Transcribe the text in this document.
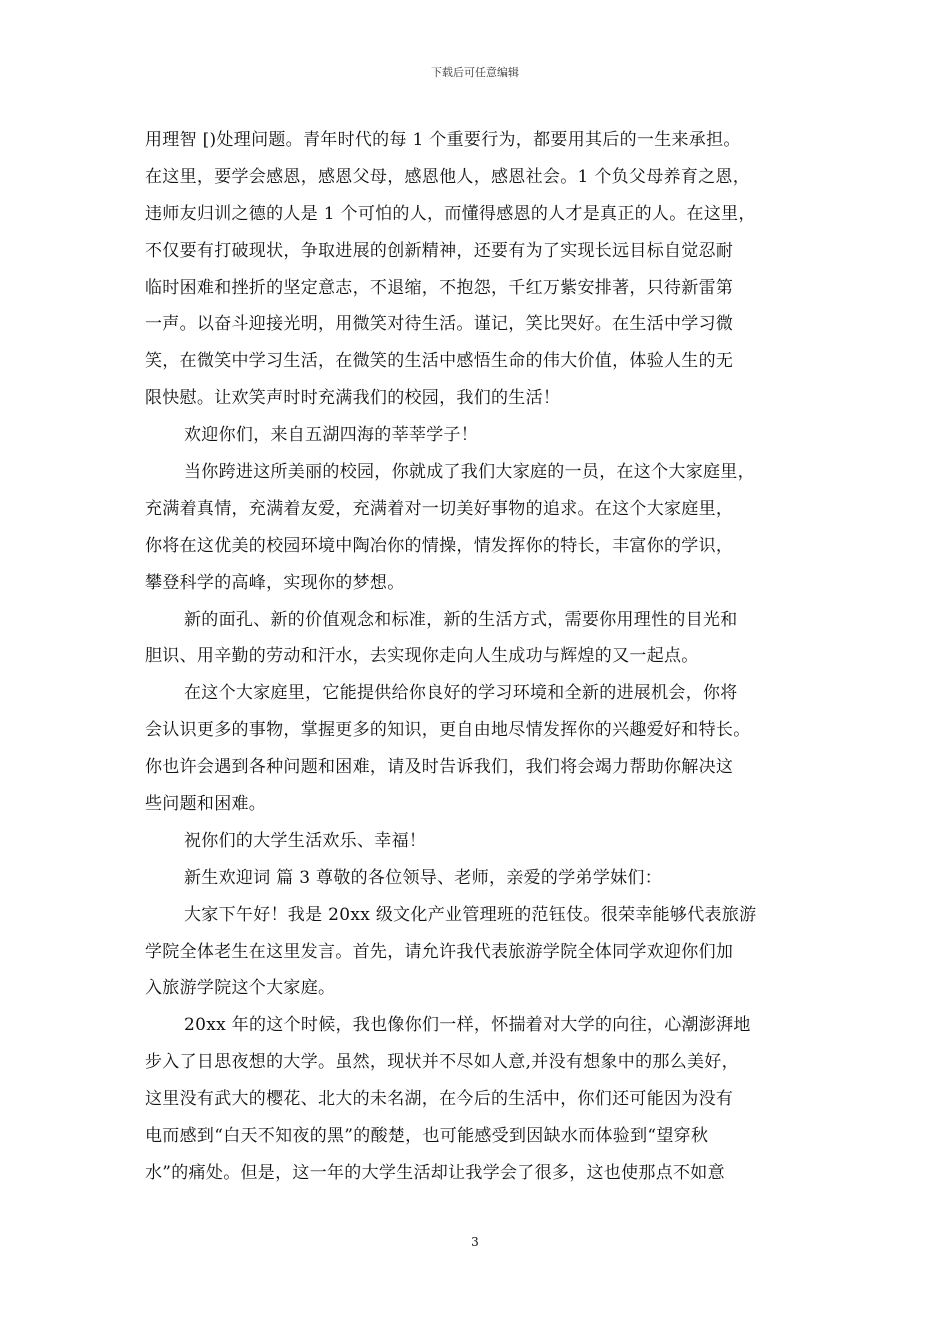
下载后可任意编辑
用理智 [)处理问题。青年时代的每 1 个重要行为，都要用其后的一生来承担。
在这里，要学会感恩，感恩父母，感恩他人，感恩社会。1 个负父母养育之恩，
违师友归训之德的人是 1 个可怕的人，而懂得感恩的人才是真正的人。在这里，
不仅要有打破现状，争取进展的创新精神，还要有为了实现长远目标自觉忍耐
临时困难和挫折的坚定意志，不退缩，不抱怨，千红万紫安排著，只待新雷第
一声。以奋斗迎接光明，用微笑对待生活。谨记，笑比哭好。在生活中学习微
笑，在微笑中学习生活，在微笑的生活中感悟生命的伟大价值，体验人生的无
限快慰。让欢笑声时时充满我们的校园，我们的生活！
欢迎你们，来自五湖四海的莘莘学子！
当你跨进这所美丽的校园，你就成了我们大家庭的一员，在这个大家庭里，
充满着真情，充满着友爱，充满着对一切美好事物的追求。在这个大家庭里，
你将在这优美的校园环境中陶冶你的情操，情发挥你的特长，丰富你的学识，
攀登科学的高峰，实现你的梦想。
新的面孔、新的价值观念和标准，新的生活方式，需要你用理性的目光和
胆识、用辛勤的劳动和汗水，去实现你走向人生成功与辉煌的又一起点。
在这个大家庭里，它能提供给你良好的学习环境和全新的进展机会，你将
会认识更多的事物，掌握更多的知识，更自由地尽情发挥你的兴趣爱好和特长。
你也许会遇到各种问题和困难，请及时告诉我们，我们将会竭力帮助你解决这
些问题和困难。
祝你们的大学生活欢乐、幸福！
新生欢迎词 篇 3 尊敬的各位领导、老师，亲爱的学弟学妹们：
大家下午好！我是 20xx 级文化产业管理班的范钰伎。很荣幸能够代表旅游
学院全体老生在这里发言。首先，请允许我代表旅游学院全体同学欢迎你们加
入旅游学院这个大家庭。
20xx 年的这个时候，我也像你们一样，怀揣着对大学的向往，心潮澎湃地
步入了日思夜想的大学。虽然，现状并不尽如人意,并没有想象中的那么美好，
这里没有武大的樱花、北大的未名湖，在今后的生活中，你们还可能因为没有
电而感到“白天不知夜的黑”的酸楚，也可能感受到因缺水而体验到“望穿秋
水”的痛处。但是，这一年的大学生活却让我学会了很多，这也使那点不如意
3
